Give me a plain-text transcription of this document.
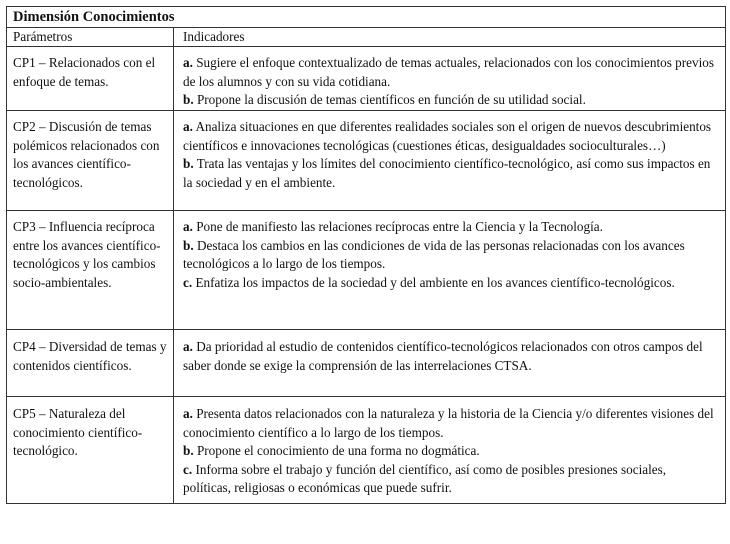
Dimensión Conocimientos	
Parámetros	Indicadores
CP1 – Relacionados con el enfoque de temas.	a. Sugiere el enfoque contextualizado de temas actuales, relacionados con los conocimientos previos de los alumnos y con su vida cotidiana.
b. Propone la discusión de temas científicos en función de su utilidad social.

CP2 – Discusión de temas polémicos relacionados con los avances científico-tecnológicos.	a. Analiza situaciones en que diferentes realidades sociales son el origen de nuevos descubrimientos científicos e innovaciones tecnológicas (cuestiones éticas, desigualdades socioculturales…)
b. Trata las ventajas y los límites del conocimiento científico-tecnológico, así como sus impactos en la sociedad y en el ambiente.

CP3 – Influencia recíproca entre los avances científico-tecnológicos y los cambios socio-ambientales.	a. Pone de manifiesto las relaciones recíprocas entre la Ciencia y la Tecnología.
b. Destaca los cambios en las condiciones de vida de las personas relacionadas con los avances tecnológicos a lo largo de los tiempos.
c. Enfatiza los impactos de la sociedad y del ambiente en los avances científico-tecnológicos.

CP4 – Diversidad de temas y contenidos científicos.	a. Da prioridad al estudio de contenidos científico-tecnológicos relacionados con otros campos del saber donde se exige la comprensión de las interrelaciones CTSA.

CP5 – Naturaleza del conocimiento científico-tecnológico.	a. Presenta datos relacionados con la naturaleza y la historia de la Ciencia y/o diferentes visiones del conocimiento científico a lo largo de los tiempos.
b. Propone el conocimiento de una forma no dogmática.
c. Informa sobre el trabajo y función del científico, así como de posibles presiones sociales, políticas, religiosas o económicas que puede sufrir.
